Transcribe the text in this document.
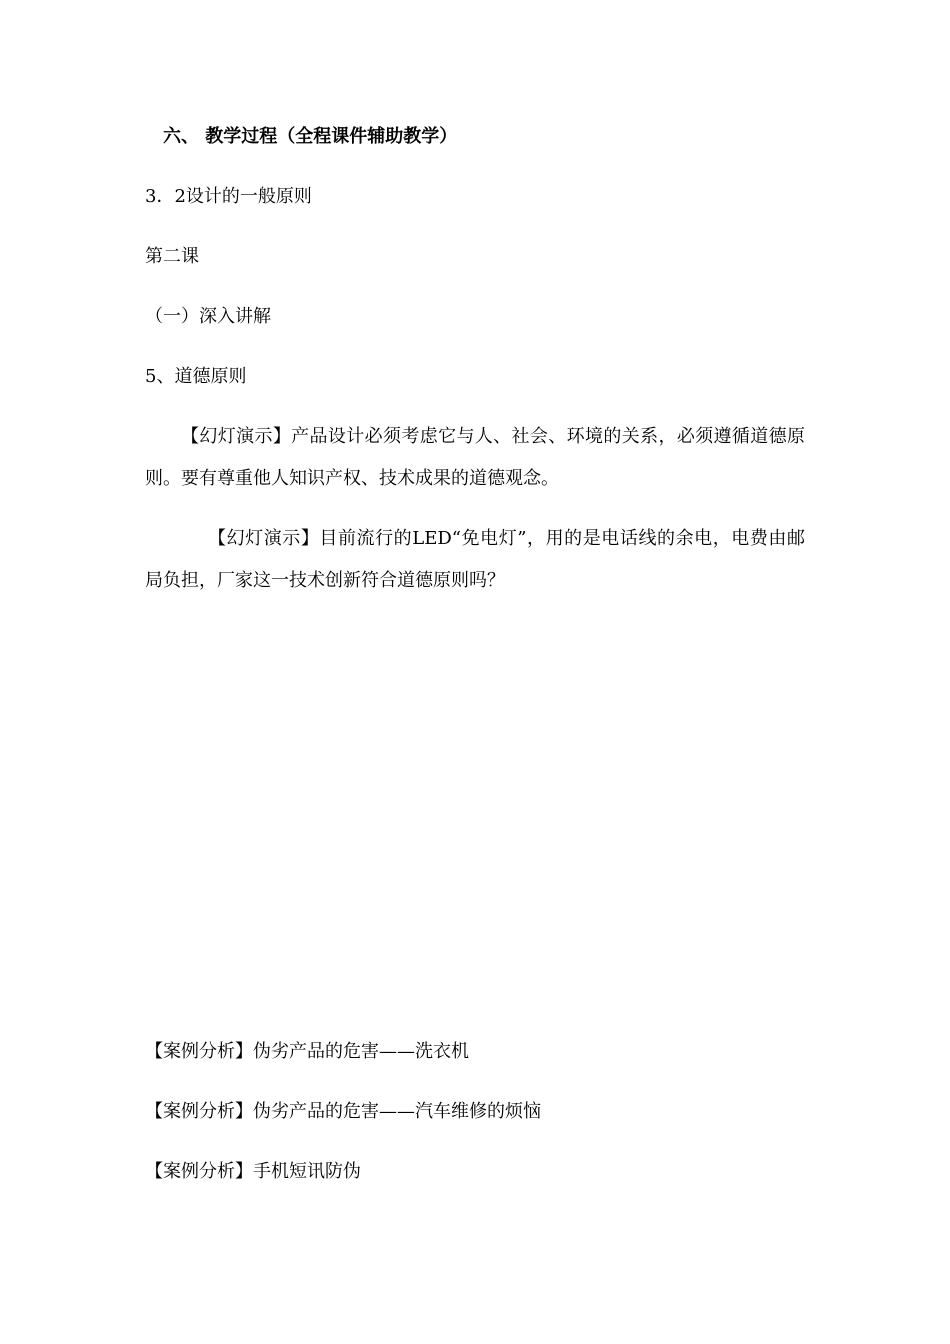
六、 教学过程（全程课件辅助教学）
3．2设计的一般原则
第二课
（一）深入讲解
5、道德原则
【幻灯演示】产品设计必须考虑它与人、社会、环境的关系，必须遵循道德原则。要有尊重他人知识产权、技术成果的道德观念。
【幻灯演示】目前流行的LED“免电灯”，用的是电话线的余电，电费由邮局负担，厂家这一技术创新符合道德原则吗？
【案例分析】伪劣产品的危害——洗衣机
【案例分析】伪劣产品的危害——汽车维修的烦恼
【案例分析】手机短讯防伪
